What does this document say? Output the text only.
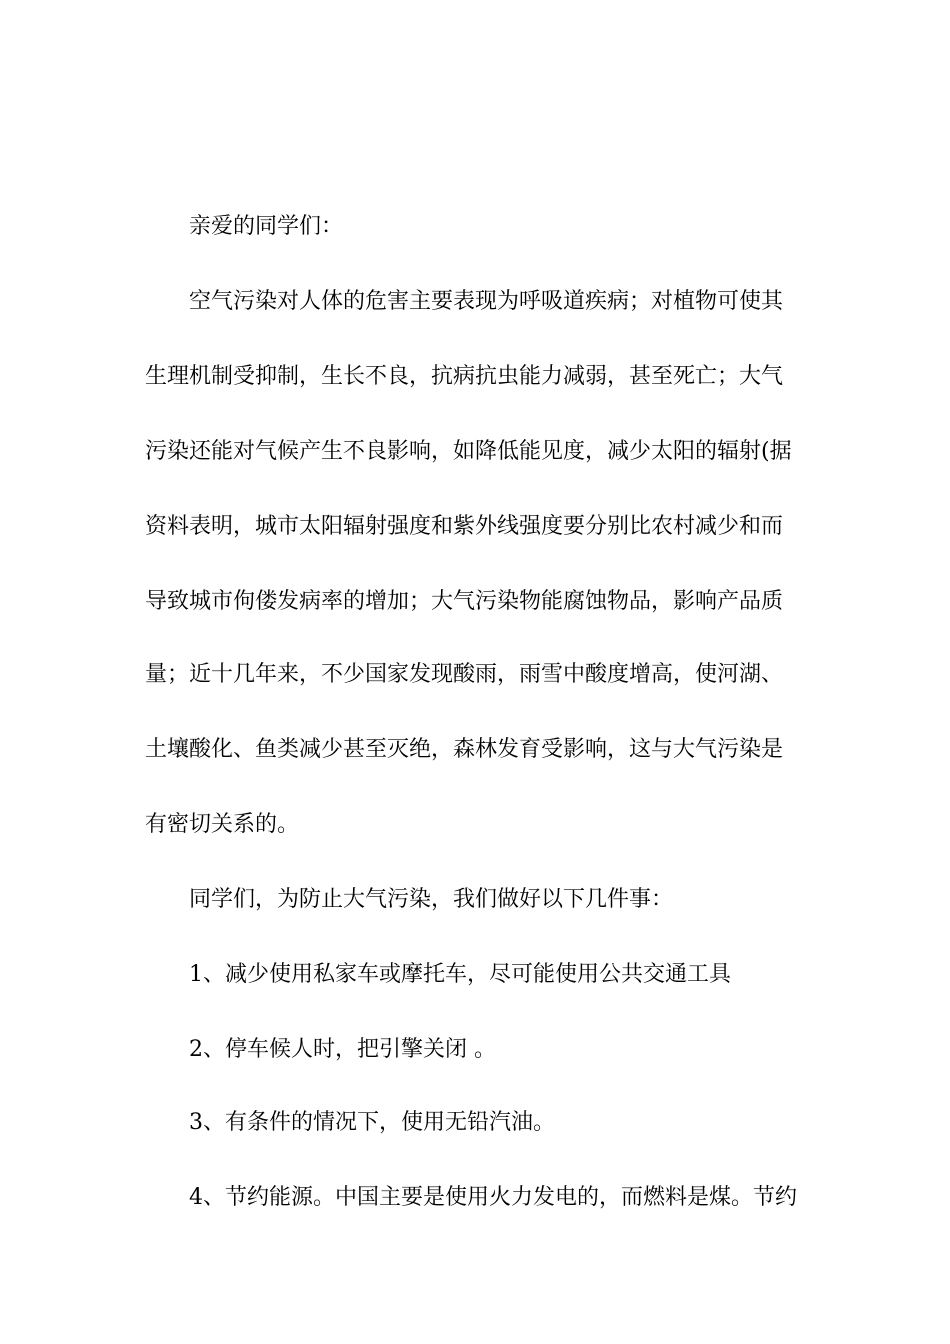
亲爱的同学们：
空气污染对人体的危害主要表现为呼吸道疾病；对植物可使其
生理机制受抑制，生长不良，抗病抗虫能力减弱，甚至死亡；大气
污染还能对气候产生不良影响，如降低能见度，减少太阳的辐射(据
资料表明，城市太阳辐射强度和紫外线强度要分别比农村减少和而
导致城市佝偻发病率的增加；大气污染物能腐蚀物品，影响产品质
量；近十几年来，不少国家发现酸雨，雨雪中酸度增高，使河湖、
土壤酸化、鱼类减少甚至灭绝，森林发育受影响，这与大气污染是
有密切关系的。
同学们，为防止大气污染，我们做好以下几件事：
1、减少使用私家车或摩托车，尽可能使用公共交通工具
2、停车候人时，把引擎关闭 。
3、有条件的情况下，使用无铅汽油。
4、节约能源。中国主要是使用火力发电的，而燃料是煤。节约
